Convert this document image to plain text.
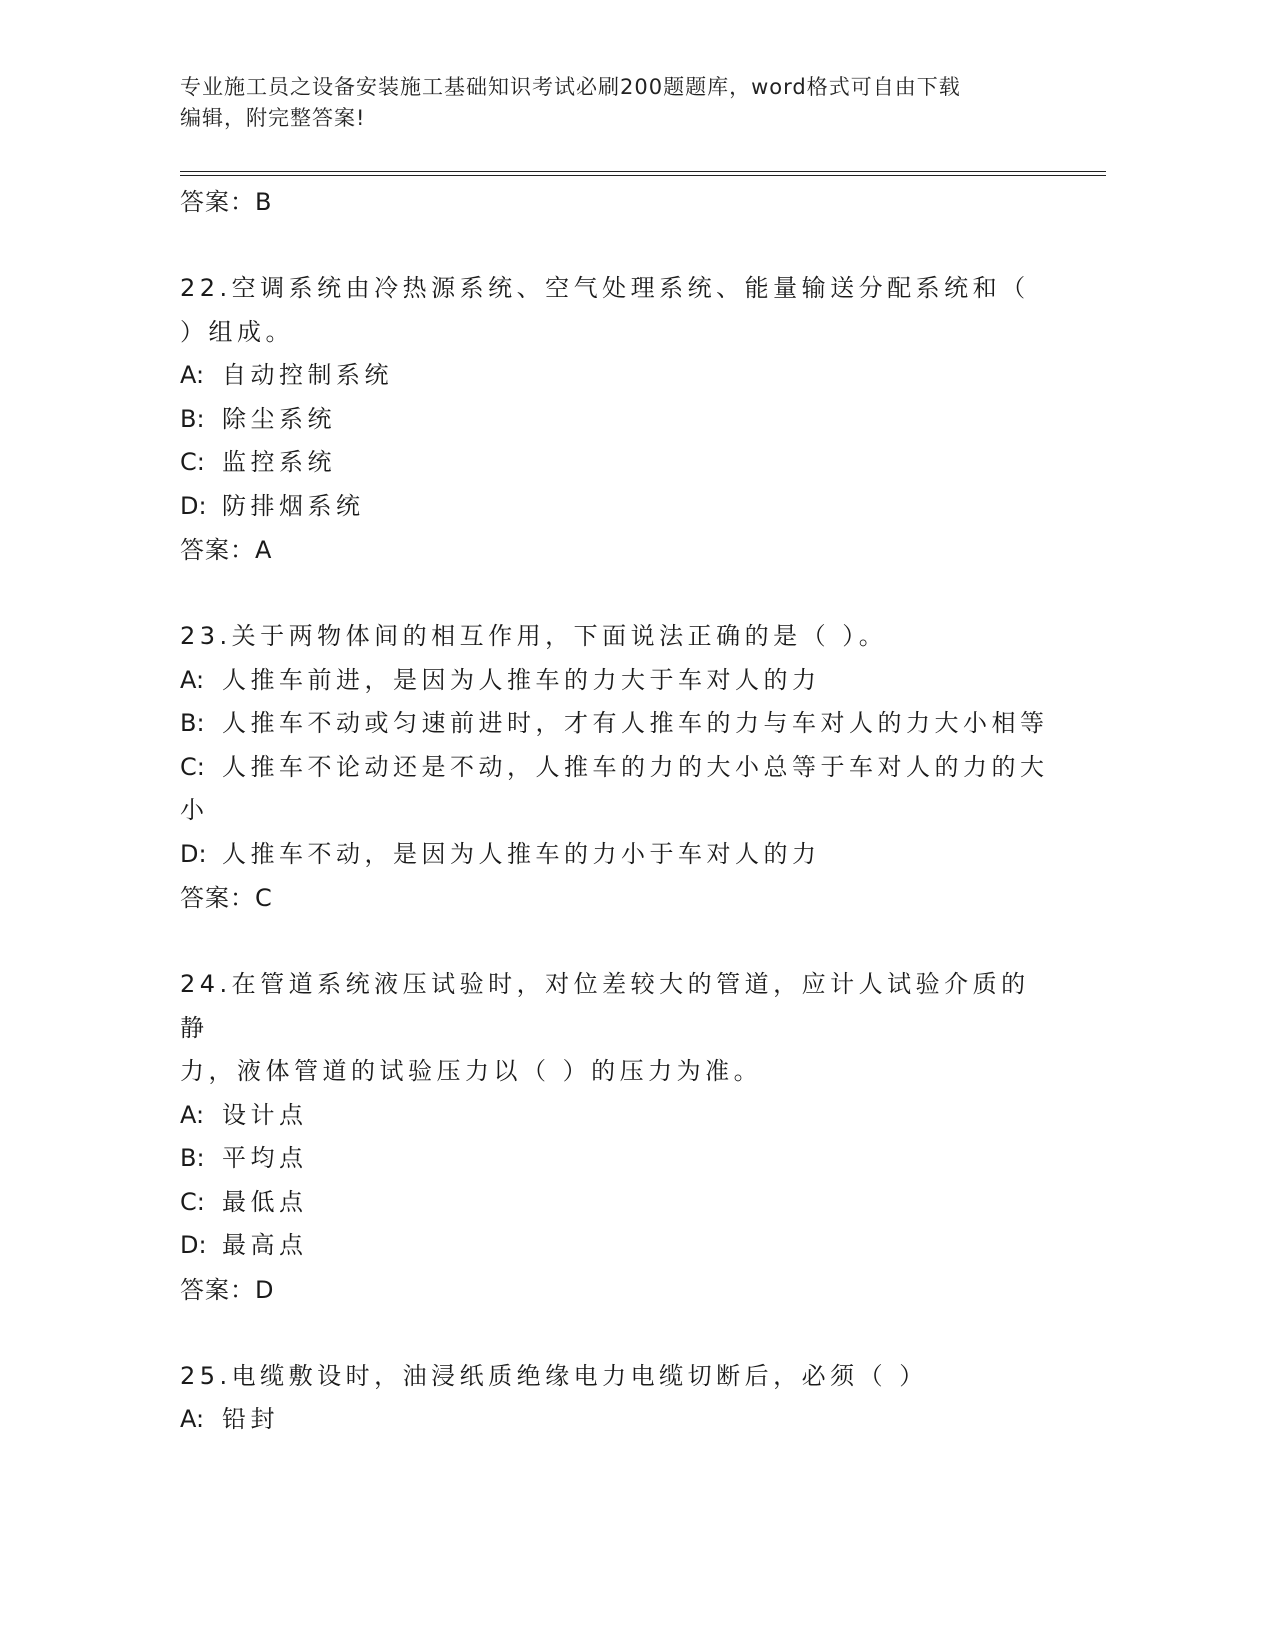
专业施工员之设备安装施工基础知识考试必刷200题题库，word格式可自由下载
编辑，附完整答案!

答案：B

22.空调系统由冷热源系统、空气处理系统、能量输送分配系统和（

）组成。

A: 自动控制系统

B: 除尘系统

C: 监控系统

D: 防排烟系统

答案：A

23.关于两物体间的相互作用，下面说法正确的是（ ）。

A: 人推车前进，是因为人推车的力大于车对人的力

B: 人推车不动或匀速前进时，才有人推车的力与车对人的力大小相等

C: 人推车不论动还是不动，人推车的力的大小总等于车对人的力的大

小

D: 人推车不动，是因为人推车的力小于车对人的力

答案：C

24.在管道系统液压试验时，对位差较大的管道，应计人试验介质的静

力，液体管道的试验压力以（ ）的压力为准。

A: 设计点

B: 平均点

C: 最低点

D: 最高点

答案：D

25.电缆敷设时，油浸纸质绝缘电力电缆切断后，必须（ ）

A: 铅封
